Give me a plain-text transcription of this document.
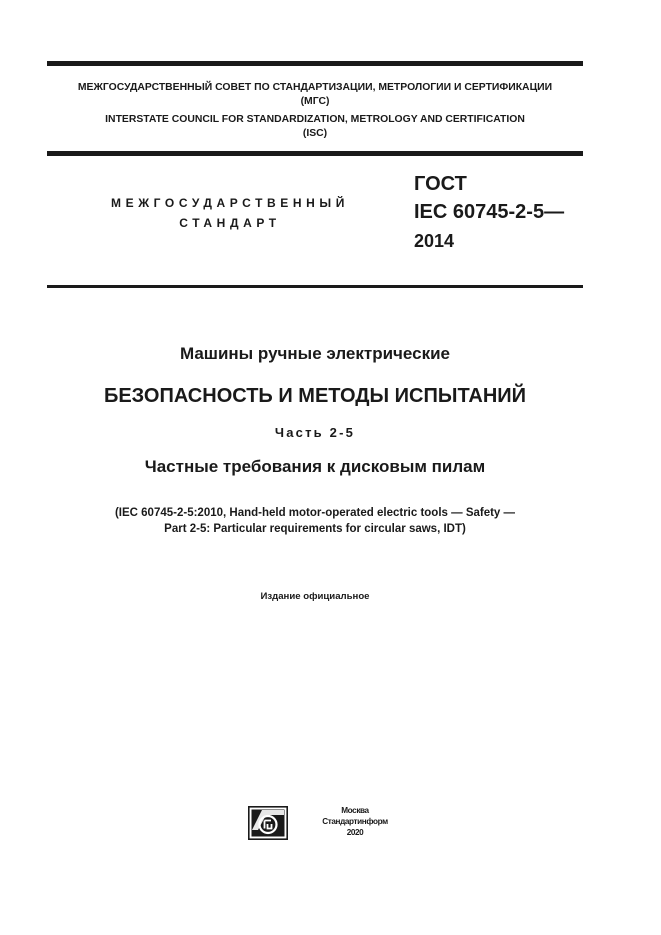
МЕЖГОСУДАРСТВЕННЫЙ СОВЕТ ПО СТАНДАРТИЗАЦИИ, МЕТРОЛОГИИ И СЕРТИФИКАЦИИ
(МГС)
INTERSTATE COUNCIL FOR STANDARDIZATION, METROLOGY AND CERTIFICATION
(ISC)
МЕЖГОСУДАРСТВЕННЫЙ
СТАНДАРТ
ГОСТ
IEC 60745-2-5—
2014
Машины ручные электрические
БЕЗОПАСНОСТЬ И МЕТОДЫ ИСПЫТАНИЙ
Часть 2-5
Частные требования к дисковым пилам
(IEC 60745-2-5:2010, Hand-held motor-operated electric tools — Safety —
Part 2-5: Particular requirements for circular saws, IDT)
Издание официальное
Москва
Стандартинформ
2020
